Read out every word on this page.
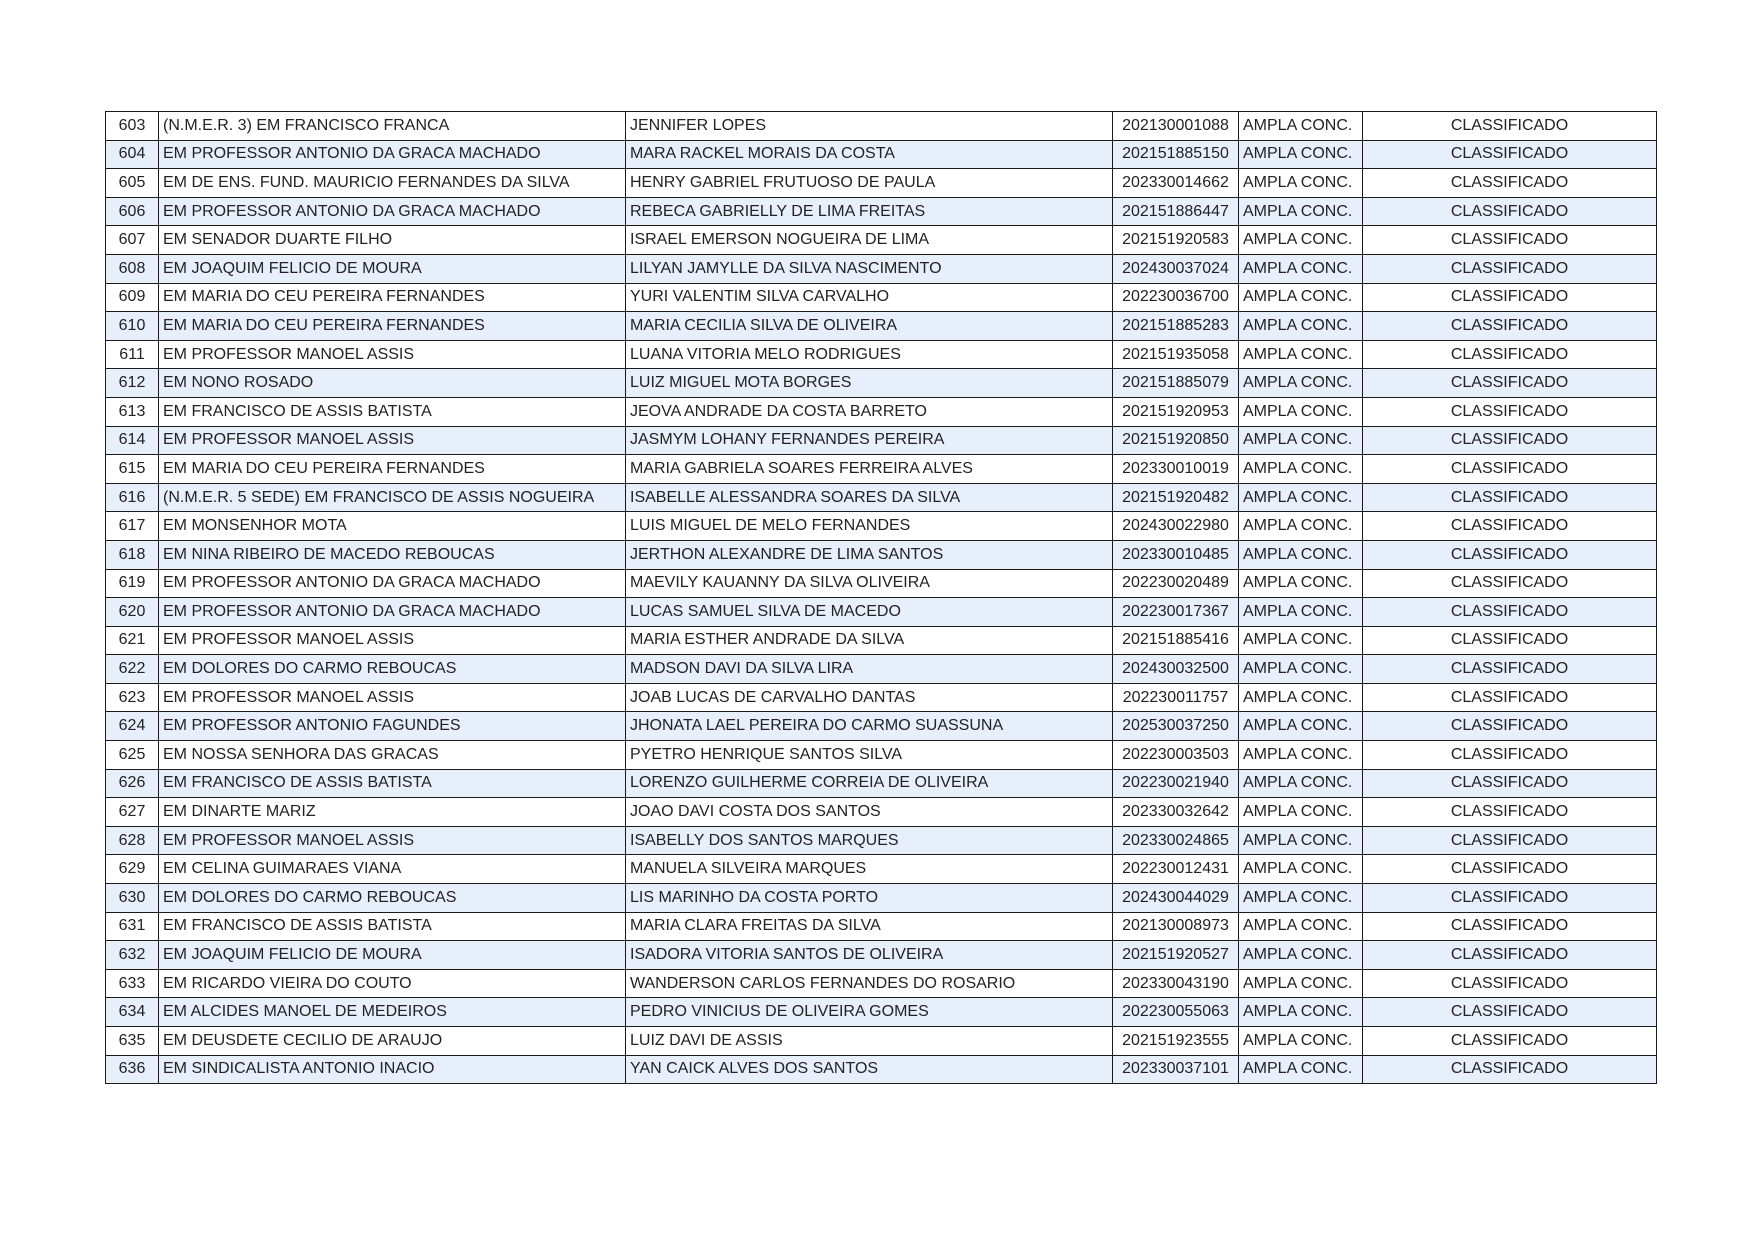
603	(N.M.E.R. 3) EM FRANCISCO FRANCA	JENNIFER LOPES	202130001088	AMPLA CONC.	CLASSIFICADO
604	EM PROFESSOR ANTONIO DA GRACA MACHADO	MARA RACKEL MORAIS DA COSTA	202151885150	AMPLA CONC.	CLASSIFICADO
605	EM DE ENS. FUND. MAURICIO FERNANDES DA SILVA	HENRY GABRIEL FRUTUOSO DE PAULA	202330014662	AMPLA CONC.	CLASSIFICADO
606	EM PROFESSOR ANTONIO DA GRACA MACHADO	REBECA GABRIELLY DE LIMA FREITAS	202151886447	AMPLA CONC.	CLASSIFICADO
607	EM SENADOR DUARTE FILHO	ISRAEL EMERSON NOGUEIRA DE LIMA	202151920583	AMPLA CONC.	CLASSIFICADO
608	EM JOAQUIM FELICIO DE MOURA	LILYAN JAMYLLE DA SILVA NASCIMENTO	202430037024	AMPLA CONC.	CLASSIFICADO
609	EM MARIA DO CEU PEREIRA FERNANDES	YURI VALENTIM SILVA CARVALHO	202230036700	AMPLA CONC.	CLASSIFICADO
610	EM MARIA DO CEU PEREIRA FERNANDES	MARIA CECILIA SILVA DE OLIVEIRA	202151885283	AMPLA CONC.	CLASSIFICADO
611	EM PROFESSOR MANOEL ASSIS	LUANA VITORIA MELO RODRIGUES	202151935058	AMPLA CONC.	CLASSIFICADO
612	EM NONO ROSADO	LUIZ MIGUEL MOTA BORGES	202151885079	AMPLA CONC.	CLASSIFICADO
613	EM FRANCISCO DE ASSIS BATISTA	JEOVA ANDRADE DA COSTA BARRETO	202151920953	AMPLA CONC.	CLASSIFICADO
614	EM PROFESSOR MANOEL ASSIS	JASMYM LOHANY FERNANDES PEREIRA	202151920850	AMPLA CONC.	CLASSIFICADO
615	EM MARIA DO CEU PEREIRA FERNANDES	MARIA GABRIELA SOARES FERREIRA ALVES	202330010019	AMPLA CONC.	CLASSIFICADO
616	(N.M.E.R. 5 SEDE) EM FRANCISCO DE ASSIS NOGUEIRA	ISABELLE ALESSANDRA SOARES DA SILVA	202151920482	AMPLA CONC.	CLASSIFICADO
617	EM MONSENHOR MOTA	LUIS MIGUEL DE MELO FERNANDES	202430022980	AMPLA CONC.	CLASSIFICADO
618	EM NINA RIBEIRO DE MACEDO REBOUCAS	JERTHON ALEXANDRE DE LIMA SANTOS	202330010485	AMPLA CONC.	CLASSIFICADO
619	EM PROFESSOR ANTONIO DA GRACA MACHADO	MAEVILY KAUANNY DA SILVA OLIVEIRA	202230020489	AMPLA CONC.	CLASSIFICADO
620	EM PROFESSOR ANTONIO DA GRACA MACHADO	LUCAS SAMUEL SILVA DE MACEDO	202230017367	AMPLA CONC.	CLASSIFICADO
621	EM PROFESSOR MANOEL ASSIS	MARIA ESTHER ANDRADE DA SILVA	202151885416	AMPLA CONC.	CLASSIFICADO
622	EM DOLORES DO CARMO REBOUCAS	MADSON DAVI DA SILVA LIRA	202430032500	AMPLA CONC.	CLASSIFICADO
623	EM PROFESSOR MANOEL ASSIS	JOAB LUCAS DE CARVALHO DANTAS	202230011757	AMPLA CONC.	CLASSIFICADO
624	EM PROFESSOR ANTONIO FAGUNDES	JHONATA LAEL PEREIRA DO CARMO SUASSUNA	202530037250	AMPLA CONC.	CLASSIFICADO
625	EM NOSSA SENHORA DAS GRACAS	PYETRO HENRIQUE SANTOS SILVA	202230003503	AMPLA CONC.	CLASSIFICADO
626	EM FRANCISCO DE ASSIS BATISTA	LORENZO GUILHERME CORREIA DE OLIVEIRA	202230021940	AMPLA CONC.	CLASSIFICADO
627	EM DINARTE MARIZ	JOAO DAVI COSTA DOS SANTOS	202330032642	AMPLA CONC.	CLASSIFICADO
628	EM PROFESSOR MANOEL ASSIS	ISABELLY DOS SANTOS MARQUES	202330024865	AMPLA CONC.	CLASSIFICADO
629	EM CELINA GUIMARAES VIANA	MANUELA SILVEIRA MARQUES	202230012431	AMPLA CONC.	CLASSIFICADO
630	EM DOLORES DO CARMO REBOUCAS	LIS MARINHO DA COSTA PORTO	202430044029	AMPLA CONC.	CLASSIFICADO
631	EM FRANCISCO DE ASSIS BATISTA	MARIA CLARA FREITAS DA SILVA	202130008973	AMPLA CONC.	CLASSIFICADO
632	EM JOAQUIM FELICIO DE MOURA	ISADORA VITORIA SANTOS DE OLIVEIRA	202151920527	AMPLA CONC.	CLASSIFICADO
633	EM RICARDO VIEIRA DO COUTO	WANDERSON CARLOS FERNANDES DO ROSARIO	202330043190	AMPLA CONC.	CLASSIFICADO
634	EM ALCIDES MANOEL DE MEDEIROS	PEDRO VINICIUS DE OLIVEIRA GOMES	202230055063	AMPLA CONC.	CLASSIFICADO
635	EM DEUSDETE CECILIO DE ARAUJO	LUIZ DAVI DE ASSIS	202151923555	AMPLA CONC.	CLASSIFICADO
636	EM SINDICALISTA ANTONIO INACIO	YAN CAICK ALVES DOS SANTOS	202330037101	AMPLA CONC.	CLASSIFICADO
